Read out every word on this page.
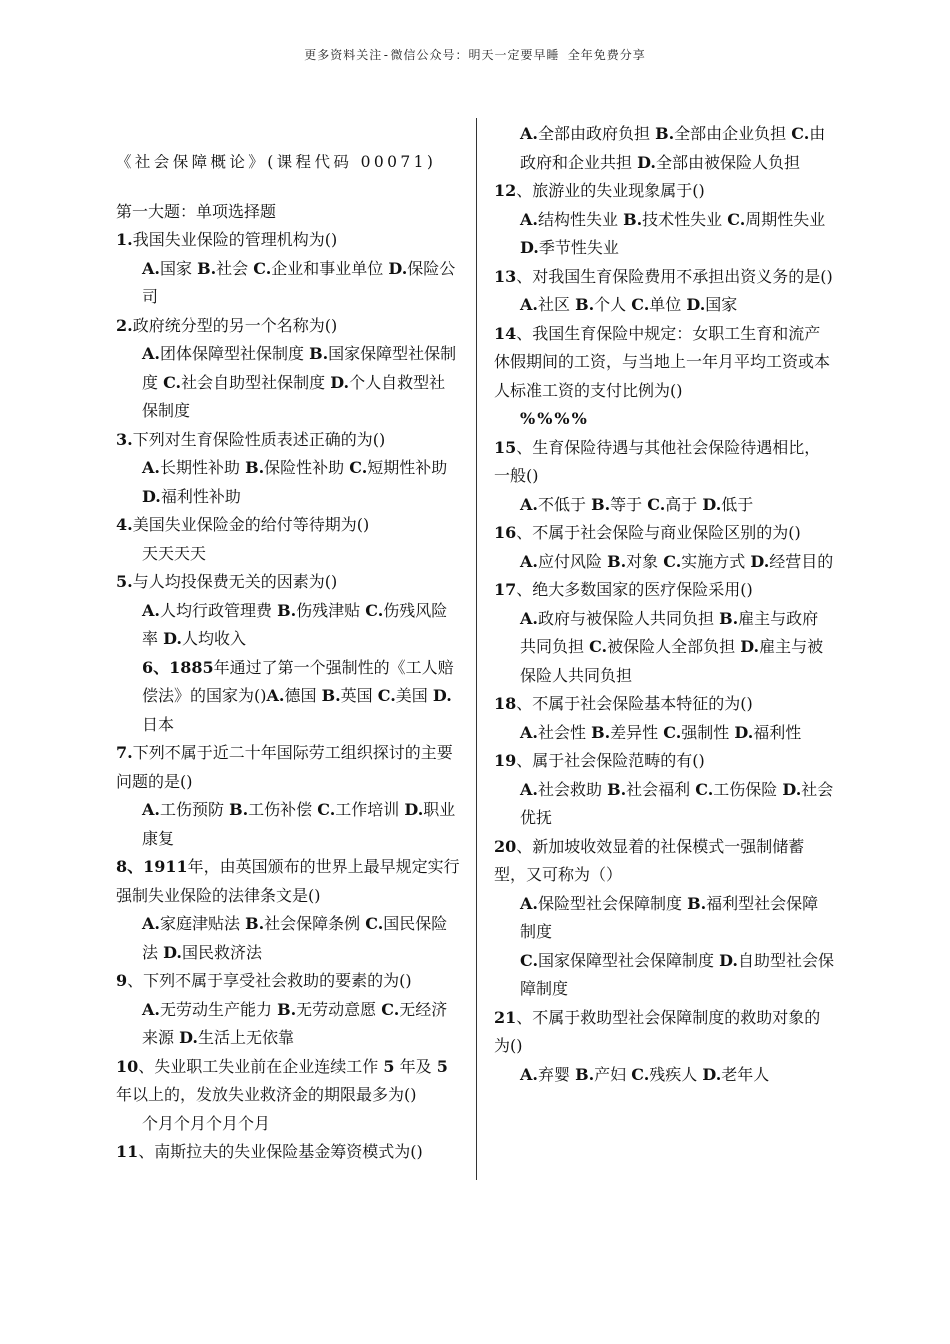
更多资料关注-微信公众号：明天一定要早睡 全年免费分享
《社会保障概论》(课程代码 00071)
第一大题：单项选择题
1.我国失业保险的管理机构为()
A.国家 B.社会 C.企业和事业单位 D.保险公司
2.政府统分型的另一个名称为()
A.团体保障型社保制度 B.国家保障型社保制度 C.社会自助型社保制度 D.个人自救型社保制度
3.下列对生育保险性质表述正确的为()
A.长期性补助 B.保险性补助 C.短期性补助 D.福利性补助
4.美国失业保险金的给付等待期为()
天天天天
5.与人均投保费无关的因素为()
A.人均行政管理费 B.伤残津贴 C.伤残风险率 D.人均收入
6、1885年通过了第一个强制性的《工人赔偿法》的国家为()A.德国 B.英国 C.美国 D.日本
7.下列不属于近二十年国际劳工组织探讨的主要问题的是()
A.工伤预防 B.工伤补偿 C.工作培训 D.职业康复
8、1911年，由英国颁布的世界上最早规定实行强制失业保险的法律条文是()
A.家庭津贴法 B.社会保障条例 C.国民保险法 D.国民救济法
9、下列不属于享受社会救助的要素的为()
A.无劳动生产能力 B.无劳动意愿 C.无经济来源 D.生活上无依靠
10、失业职工失业前在企业连续工作 5 年及 5 年以上的，发放失业救济金的期限最多为()
个月个月个月个月
11、南斯拉夫的失业保险基金筹资模式为()
A.全部由政府负担 B.全部由企业负担 C.由政府和企业共担 D.全部由被保险人负担
12、旅游业的失业现象属于()
A.结构性失业 B.技术性失业 C.周期性失业 D.季节性失业
13、对我国生育保险费用不承担出资义务的是()
A.社区 B.个人 C.单位 D.国家
14、我国生育保险中规定：女职工生育和流产休假期间的工资，与当地上一年月平均工资或本人标准工资的支付比例为()
%%%%
15、生育保险待遇与其他社会保险待遇相比，一般()
A.不低于 B.等于 C.高于 D.低于
16、不属于社会保险与商业保险区别的为()
A.应付风险 B.对象 C.实施方式 D.经营目的
17、绝大多数国家的医疗保险采用()
A.政府与被保险人共同负担 B.雇主与政府共同负担 C.被保险人全部负担 D.雇主与被保险人共同负担
18、不属于社会保险基本特征的为()
A.社会性 B.差异性 C.强制性 D.福利性
19、属于社会保险范畴的有()
A.社会救助 B.社会福利 C.工伤保险 D.社会优抚
20、新加坡收效显着的社保模式一强制储蓄型，又可称为（）
A.保险型社会保障制度 B.福利型社会保障制度
C.国家保障型社会保障制度 D.自助型社会保障制度
21、不属于救助型社会保障制度的救助对象的为()
A.弃婴 B.产妇 C.残疾人 D.老年人
